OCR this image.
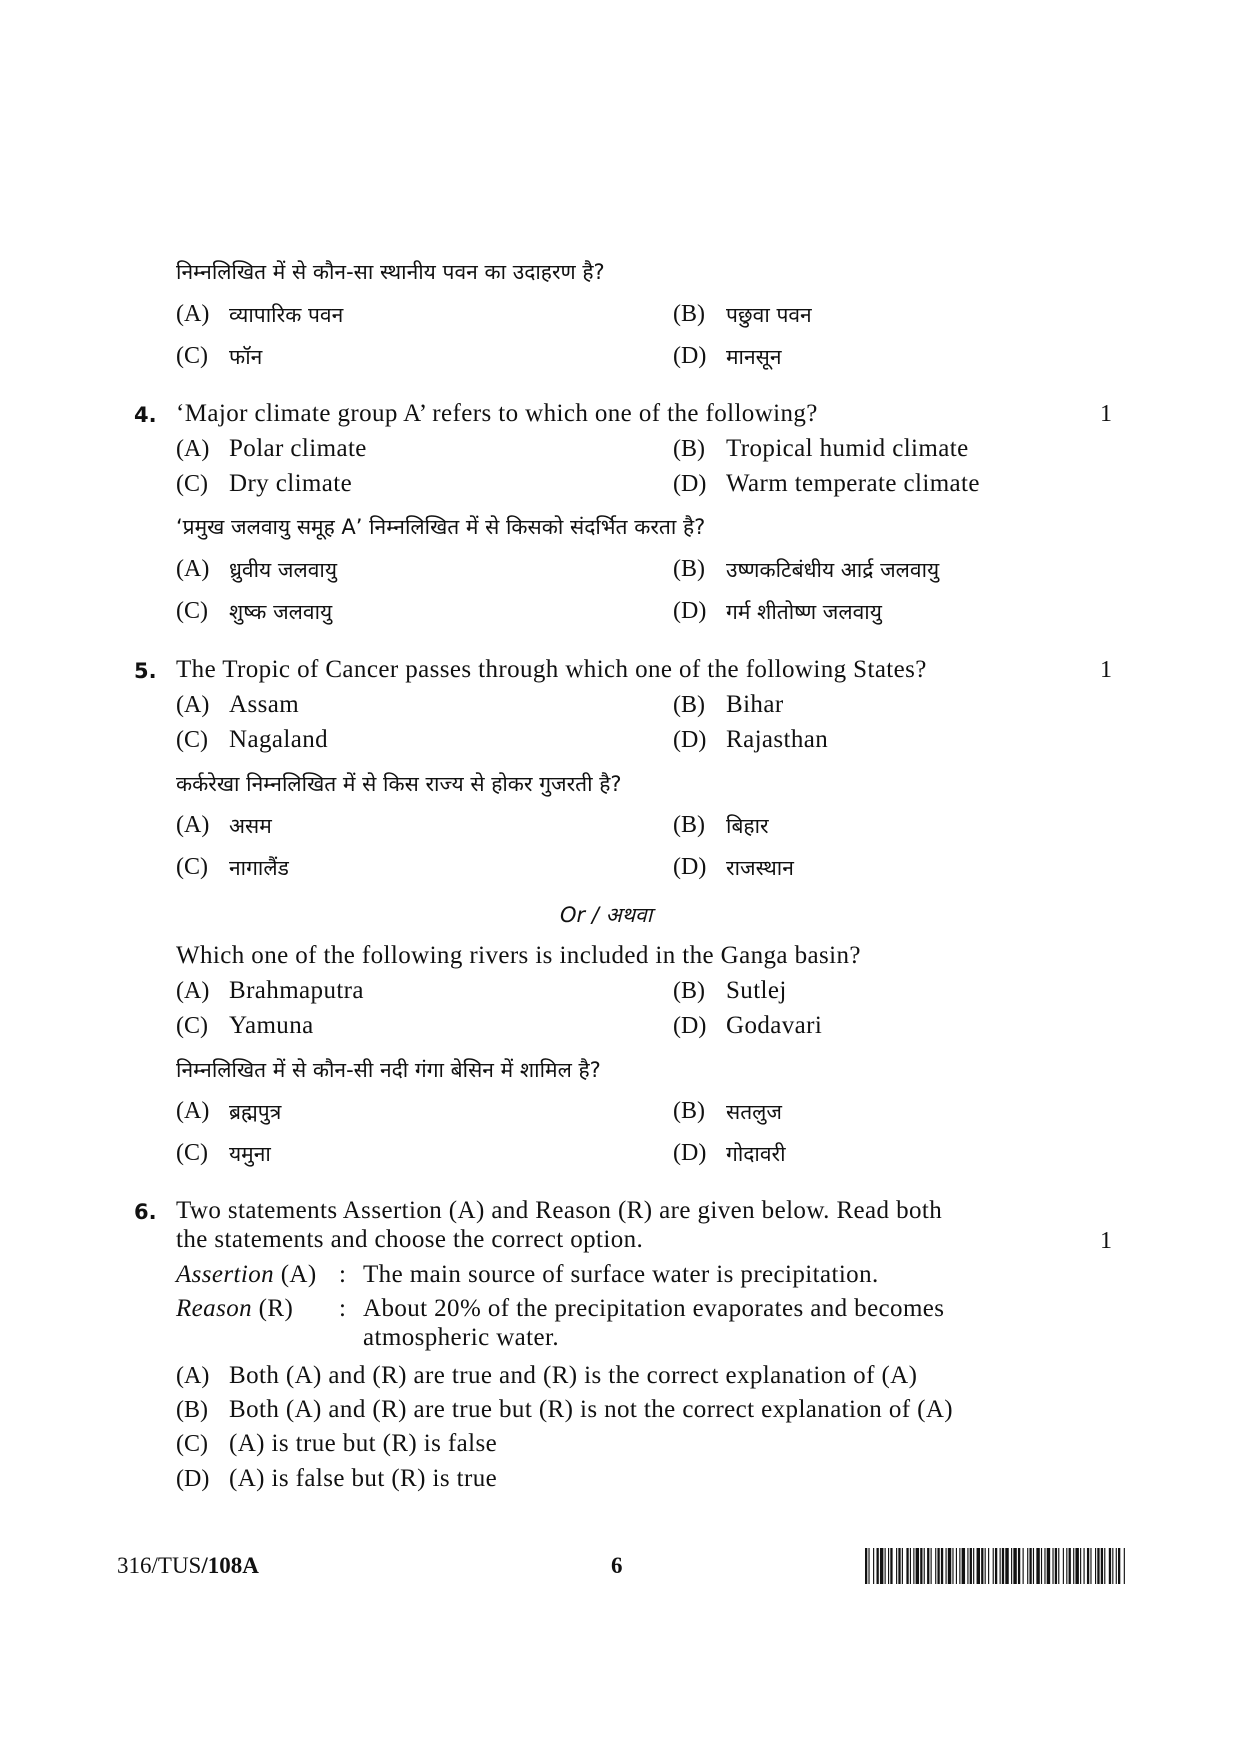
निम्नलिखित में से कौन-सा स्थानीय पवन का उदाहरण है?
(A) व्यापारिक पवन	(B) पछुवा पवन
(C) फॉन	(D) मानसून
4. ‘Major climate group A’ refers to which one of the following?	1
(A) Polar climate	(B) Tropical humid climate
(C) Dry climate	(D) Warm temperate climate
‘प्रमुख जलवायु समूह A’ निम्नलिखित में से किसको संदर्भित करता है?
(A) ध्रुवीय जलवायु	(B) उष्णकटिबंधीय आर्द्र जलवायु
(C) शुष्क जलवायु	(D) गर्म शीतोष्ण जलवायु
5. The Tropic of Cancer passes through which one of the following States?	1
(A) Assam	(B) Bihar
(C) Nagaland	(D) Rajasthan
कर्करेखा निम्नलिखित में से किस राज्य से होकर गुजरती है?
(A) असम	(B) बिहार
(C) नागालैंड	(D) राजस्थान
Or / अथवा
Which one of the following rivers is included in the Ganga basin?
(A) Brahmaputra	(B) Sutlej
(C) Yamuna	(D) Godavari
निम्नलिखित में से कौन-सी नदी गंगा बेसिन में शामिल है?
(A) ब्रह्मपुत्र	(B) सतलुज
(C) यमुना	(D) गोदावरी
6. Two statements Assertion (A) and Reason (R) are given below. Read both
the statements and choose the correct option.	1
Assertion (A) : The main source of surface water is precipitation.
Reason (R) : About 20% of the precipitation evaporates and becomes
atmospheric water.
(A) Both (A) and (R) are true and (R) is the correct explanation of (A)
(B) Both (A) and (R) are true but (R) is not the correct explanation of (A)
(C) (A) is true but (R) is false
(D) (A) is false but (R) is true
316/TUS/108A	6
